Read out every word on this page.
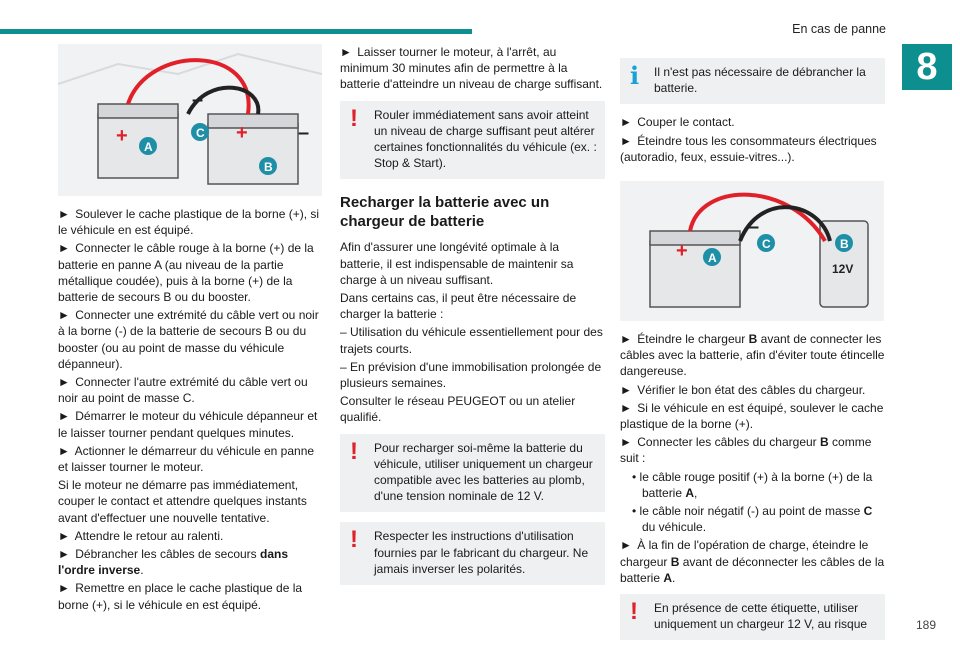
En cas de panne
8
189
+	+
–
–
A
C
B

► Soulever le cache plastique de la borne (+), si le véhicule en est équipé.

► Connecter le câble rouge à la borne (+) de la batterie en panne A (au niveau de la partie métallique coudée), puis à la borne (+) de la batterie de secours B ou du booster.

► Connecter une extrémité du câble vert ou noir à la borne (-) de la batterie de secours B ou du booster (ou au point de masse du véhicule dépanneur).

► Connecter l'autre extrémité du câble vert ou noir au point de masse C.

► Démarrer le moteur du véhicule dépanneur et le laisser tourner pendant quelques minutes.

► Actionner le démarreur du véhicule en panne et laisser tourner le moteur.

Si le moteur ne démarre pas immédiatement, couper le contact et attendre quelques instants avant d'effectuer une nouvelle tentative.

► Attendre le retour au ralenti.

► Débrancher les câbles de secours dans l'ordre inverse.

► Remettre en place le cache plastique de la borne (+), si le véhicule en est équipé.

► Laisser tourner le moteur, à l'arrêt, au minimum 30 minutes afin de permettre à la batterie d'atteindre un niveau de charge suffisant.

!	Rouler immédiatement sans avoir atteint un niveau de charge suffisant peut altérer certaines fonctionnalités du véhicule (ex. : Stop & Start).

Recharger la batterie avec un chargeur de batterie

Afin d'assurer une longévité optimale à la batterie, il est indispensable de maintenir sa charge à un niveau suffisant.

Dans certains cas, il peut être nécessaire de charger la batterie :

– Utilisation du véhicule essentiellement pour des trajets courts.

– En prévision d'une immobilisation prolongée de plusieurs semaines.

Consulter le réseau PEUGEOT ou un atelier qualifié.

!	Pour recharger soi-même la batterie du véhicule, utiliser uniquement un chargeur compatible avec les batteries au plomb, d'une tension nominale de 12 V.

!	Respecter les instructions d'utilisation fournies par le fabricant du chargeur. Ne jamais inverser les polarités.

i	Il n'est pas nécessaire de débrancher la batterie.

► Couper le contact.

► Éteindre tous les consommateurs électriques (autoradio, feux, essuie-vitres...).

+
–
A
C	B
12V

► Éteindre le chargeur B avant de connecter les câbles avec la batterie, afin d'éviter toute étincelle dangereuse.

► Vérifier le bon état des câbles du chargeur.

► Si le véhicule en est équipé, soulever le cache plastique de la borne (+).

► Connecter les câbles du chargeur B comme suit :

• le câble rouge positif (+) à la borne (+) de la batterie A,

• le câble noir négatif (-) au point de masse C du véhicule.

► À la fin de l'opération de charge, éteindre le chargeur B avant de déconnecter les câbles de la batterie A.

!	En présence de cette étiquette, utiliser uniquement un chargeur 12 V, au risque
